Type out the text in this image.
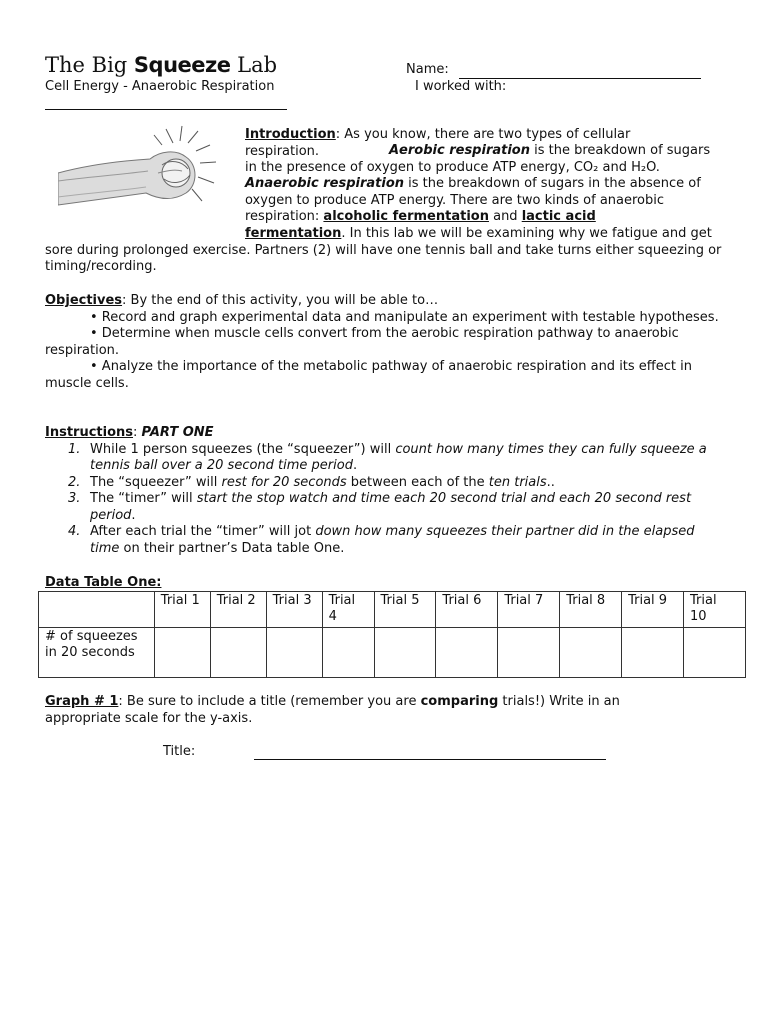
The Big Squeeze Lab	Name:
Cell Energy - Anaerobic Respiration	I worked with:
Introduction: As you know, there are two types of cellular respiration.	Aerobic respiration is the breakdown of sugars in the presence of oxygen to produce ATP energy, CO₂ and H₂O. Anaerobic respiration is the breakdown of sugars in the absence of oxygen to produce ATP energy. There are two kinds of anaerobic respiration: alcoholic fermentation and lactic acid

fermentation. In this lab we will be examining why we fatigue and get sore during prolonged exercise. Partners (2) will have one tennis ball and take turns either squeezing or timing/recording.

Objectives: By the end of this activity, you will be able to…

• Record and graph experimental data and manipulate an experiment with testable hypotheses.

• Determine when muscle cells convert from the aerobic respiration pathway to anaerobic respiration.

• Analyze the importance of the metabolic pathway of anaerobic respiration and its effect in muscle cells.

Instructions: PART ONE

1. While 1 person squeezes (the “squeezer”) will count how many times they can fully squeeze a tennis ball over a 20 second time period.
2. The “squeezer” will rest for 20 seconds between each of the ten trials..
3. The “timer” will start the stop watch and time each 20 second trial and each 20 second rest period.
4. After each trial the “timer” will jot down how many squeezes their partner did in the elapsed time on their partner’s Data table One.
Data Table One:
	Trial 1	Trial 2	Trial 3	Trial 4	Trial 5	Trial 6	Trial 7	Trial 8	Trial 9	Trial 10
# of squeezes in 20 seconds										

Graph # 1: Be sure to include a title (remember you are comparing trials!) Write in an appropriate scale for the y-axis.

Title:
